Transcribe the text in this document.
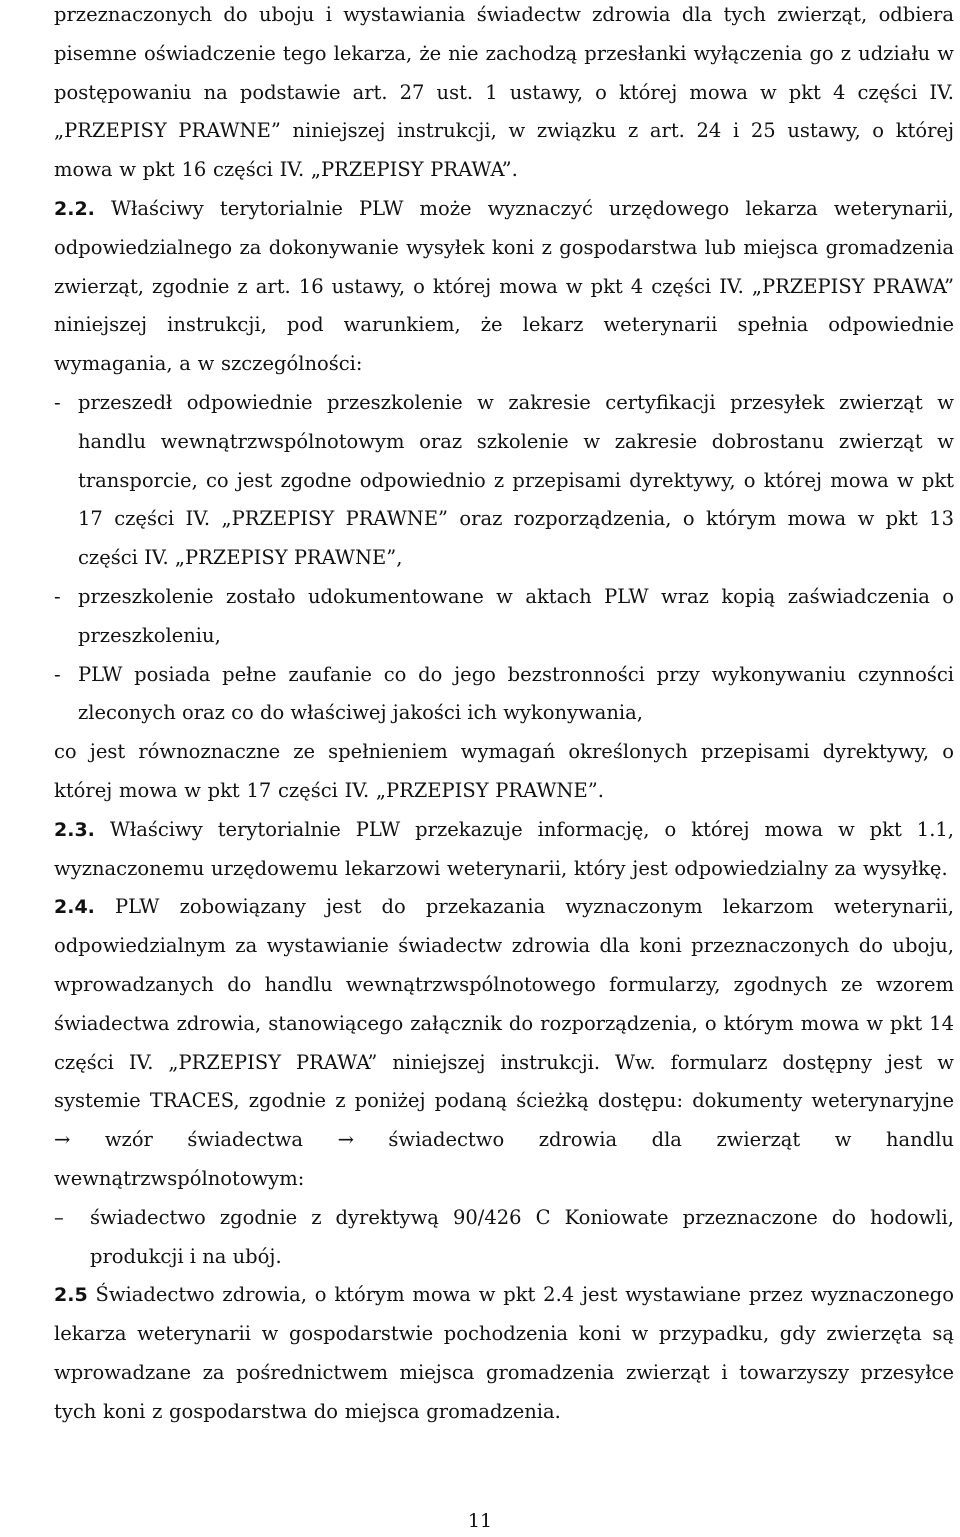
przeznaczonych do uboju i wystawiania świadectw zdrowia dla tych zwierząt, odbiera pisemne oświadczenie tego lekarza, że nie zachodzą przesłanki wyłączenia go z udziału w postępowaniu na podstawie art. 27 ust. 1 ustawy, o której mowa w pkt 4 części IV. „PRZEPISY PRAWNE” niniejszej instrukcji, w związku z art. 24 i 25 ustawy, o której mowa w pkt 16 części IV. „PRZEPISY PRAWA”.

2.2. Właściwy terytorialnie PLW może wyznaczyć urzędowego lekarza weterynarii, odpowiedzialnego za dokonywanie wysyłek koni z gospodarstwa lub miejsca gromadzenia zwierząt, zgodnie z art. 16 ustawy, o której mowa w pkt 4 części IV. „PRZEPISY PRAWA” niniejszej instrukcji, pod warunkiem, że lekarz weterynarii spełnia odpowiednie wymagania, a w szczególności:

- przeszedł odpowiednie przeszkolenie w zakresie certyfikacji przesyłek zwierząt w handlu wewnątrzwspólnotowym oraz szkolenie w zakresie dobrostanu zwierząt w transporcie, co jest zgodne odpowiednio z przepisami dyrektywy, o której mowa w pkt 17 części IV. „PRZEPISY PRAWNE” oraz rozporządzenia, o którym mowa w pkt 13 części IV. „PRZEPISY PRAWNE”,
- przeszkolenie zostało udokumentowane w aktach PLW wraz kopią zaświadczenia o przeszkoleniu,
- PLW posiada pełne zaufanie co do jego bezstronności przy wykonywaniu czynności zleconych oraz co do właściwej jakości ich wykonywania,

co jest równoznaczne ze spełnieniem wymagań określonych przepisami dyrektywy, o której mowa w pkt 17 części IV. „PRZEPISY PRAWNE”.

2.3. Właściwy terytorialnie PLW przekazuje informację, o której mowa w pkt 1.1, wyznaczonemu urzędowemu lekarzowi weterynarii, który jest odpowiedzialny za wysyłkę.

2.4. PLW zobowiązany jest do przekazania wyznaczonym lekarzom weterynarii, odpowiedzialnym za wystawianie świadectw zdrowia dla koni przeznaczonych do uboju, wprowadzanych do handlu wewnątrzwspólnotowego formularzy, zgodnych ze wzorem świadectwa zdrowia, stanowiącego załącznik do rozporządzenia, o którym mowa w pkt 14 części IV. „PRZEPISY PRAWA” niniejszej instrukcji. Ww. formularz dostępny jest w systemie TRACES, zgodnie z poniżej podaną ścieżką dostępu: dokumenty weterynaryjne → wzór świadectwa → świadectwo zdrowia dla zwierząt w handlu wewnątrzwspólnotowym:

–	świadectwo zgodnie z dyrektywą 90/426 C Koniowate przeznaczone do hodowli, produkcji i na ubój.

2.5 Świadectwo zdrowia, o którym mowa w pkt 2.4 jest wystawiane przez wyznaczonego lekarza weterynarii w gospodarstwie pochodzenia koni w przypadku, gdy zwierzęta są wprowadzane za pośrednictwem miejsca gromadzenia zwierząt i towarzyszy przesyłce tych koni z gospodarstwa do miejsca gromadzenia.

11
